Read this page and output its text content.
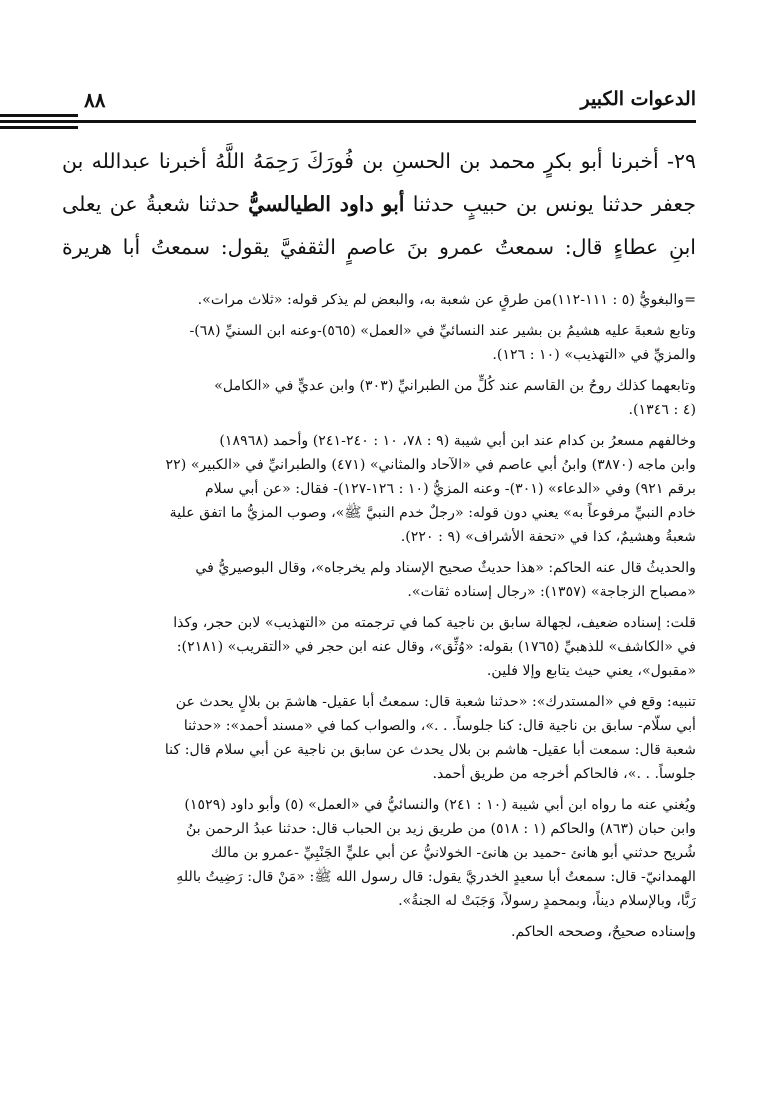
الدعوات الكبير
٨٨
٢٩- أخبرنا أبو بكرٍ محمد بن الحسنِ بن فُورَكَ رَحِمَهُ اللَّهُ أخبرنا عبدالله بن
جعفر حدثنا يونس بن حبيبٍ حدثنا أبو داود الطيالسيُّ حدثنا شعبةُ عن يعلى
ابنِ عطاءٍ قال: سمعتُ عمرو بنَ عاصمٍ الثقفيَّ يقول: سمعتُ أبا هريرة
=والبغويُّ (٥ : ١١١-١١٢)من طرقٍ عن شعبة به، والبعض لم يذكر قوله: «ثلاث مرات».
وتابع شعبةَ عليه هشيمُ بن بشير عند النسائيِّ في «العمل» (٥٦٥)-وعنه ابن السنيِّ (٦٨)-
والمزيِّ في «التهذيب» (١٠ : ١٢٦).
وتابعهما كذلك روحُ بن القاسم عند كُلٍّ من الطبرانيِّ (٣٠٣) وابن عديٍّ في «الكامل»
(٤ : ١٣٤٦).
وخالفهم مسعرُ بن كدام عند ابن أبي شيبة (٩ : ٧٨، ١٠ : ٢٤٠-٢٤١) وأحمد (١٨٩٦٨)
وابن ماجه (٣٨٧٠) وابنُ أبي عاصم في «الآحاد والمثاني» (٤٧١) والطبرانيِّ في «الكبير» (٢٢
برقم ٩٢١) وفي «الدعاء» (٣٠١)- وعنه المزيُّ (١٠ : ١٢٦-١٢٧)- فقال: «عن أبي سلام
خادم النبيِّ مرفوعاً به» يعني دون قوله: «رجلٌ خدم النبيَّ ﷺ»، وصوب المزيُّ ما اتفق علية
شعبةُ وهشيمٌ، كذا في «تحفة الأشراف» (٩ : ٢٢٠).
والحديثُ قال عنه الحاكم: «هذا حديثٌ صحيح الإسناد ولم يخرجاه»، وقال البوصيريُّ في
«مصباح الزجاجة» (١٣٥٧): «رجال إسناده ثقات».
قلت: إسناده ضعيف، لجهالة سابق بن ناجية كما في ترجمته من «التهذيب» لابن حجر، وكذا
في «الكاشف» للذهبيِّ (١٧٦٥) بقوله: «وُثِّق»، وقال عنه ابن حجر في «التقريب» (٢١٨١):
«مقبول»، يعني حيث يتابع وإلا فلين.
تنبيه: وقع في «المستدرك»: «حدثنا شعبة قال: سمعتُ أبا عقيل- هاشمَ بن بلالٍ يحدث عن
أبي سلّام- سابق بن ناجية قال: كنا جلوساً. . .»، والصواب كما في «مسند أحمد»: «حدثنا
شعبة قال: سمعت أبا عقيل- هاشم بن بلال يحدث عن سابق بن ناجية عن أبي سلام قال: كنا
جلوساً. . .»، فالحاكم أخرجه من طريق أحمد.
ويُغني عنه ما رواه ابن أبي شيبة (١٠ : ٢٤١) والنسائيُّ في «العمل» (٥) وأبو داود (١٥٢٩)
وابن حبان (٨٦٣) والحاكم (١ : ٥١٨) من طريق زيد بن الحباب قال: حدثنا عبدُ الرحمن بنُ
شُريح حدثني أبو هانئ -حميد بن هانئ- الخولانيُّ عن أبي عليٍّ الجَنْبِيِّ -عمرو بن مالك
الهمدانيّ- قال: سمعتُ أبا سعيدٍ الخدريَّ يقول: قال رسول الله ﷺ: «مَنْ قال: رَضِيتُ باللهِ
رَبًّا، وبالإسلام ديناً، وبمحمدٍ رسولاً، وَجَبَتْ له الجنةُ».
وإسناده صحيحٌ، وصححه الحاكم.
